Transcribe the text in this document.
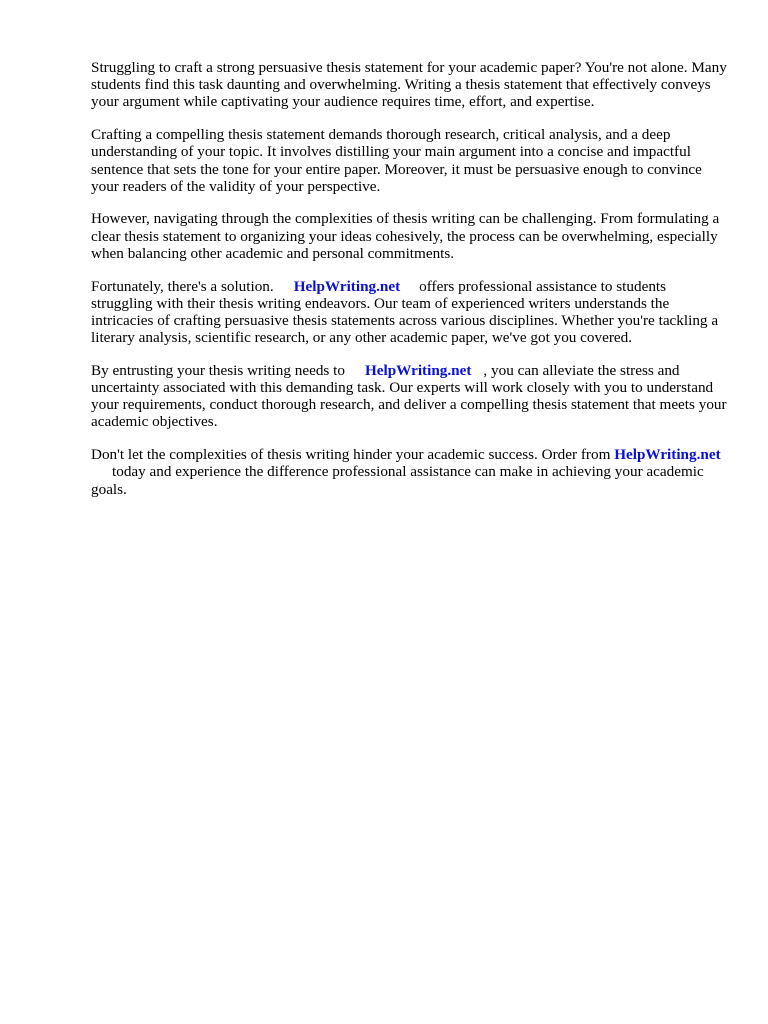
Struggling to craft a strong persuasive thesis statement for your academic paper? You're not alone. Many students find this task daunting and overwhelming. Writing a thesis statement that effectively conveys your argument while captivating your audience requires time, effort, and expertise.

Crafting a compelling thesis statement demands thorough research, critical analysis, and a deep understanding of your topic. It involves distilling your main argument into a concise and impactful sentence that sets the tone for your entire paper. Moreover, it must be persuasive enough to convince your readers of the validity of your perspective.

However, navigating through the complexities of thesis writing can be challenging. From formulating a clear thesis statement to organizing your ideas cohesively, the process can be overwhelming, especially when balancing other academic and personal commitments.

Fortunately, there's a solution. HelpWriting.net offers professional assistance to students struggling with their thesis writing endeavors. Our team of experienced writers understands the intricacies of crafting persuasive thesis statements across various disciplines. Whether you're tackling a literary analysis, scientific research, or any other academic paper, we've got you covered.

By entrusting your thesis writing needs to HelpWriting.net , you can alleviate the stress and uncertainty associated with this demanding task. Our experts will work closely with you to understand your requirements, conduct thorough research, and deliver a compelling thesis statement that meets your academic objectives.

Don't let the complexities of thesis writing hinder your academic success. Order from HelpWriting.nettoday and experience the difference professional assistance can make in achieving your academic goals.
